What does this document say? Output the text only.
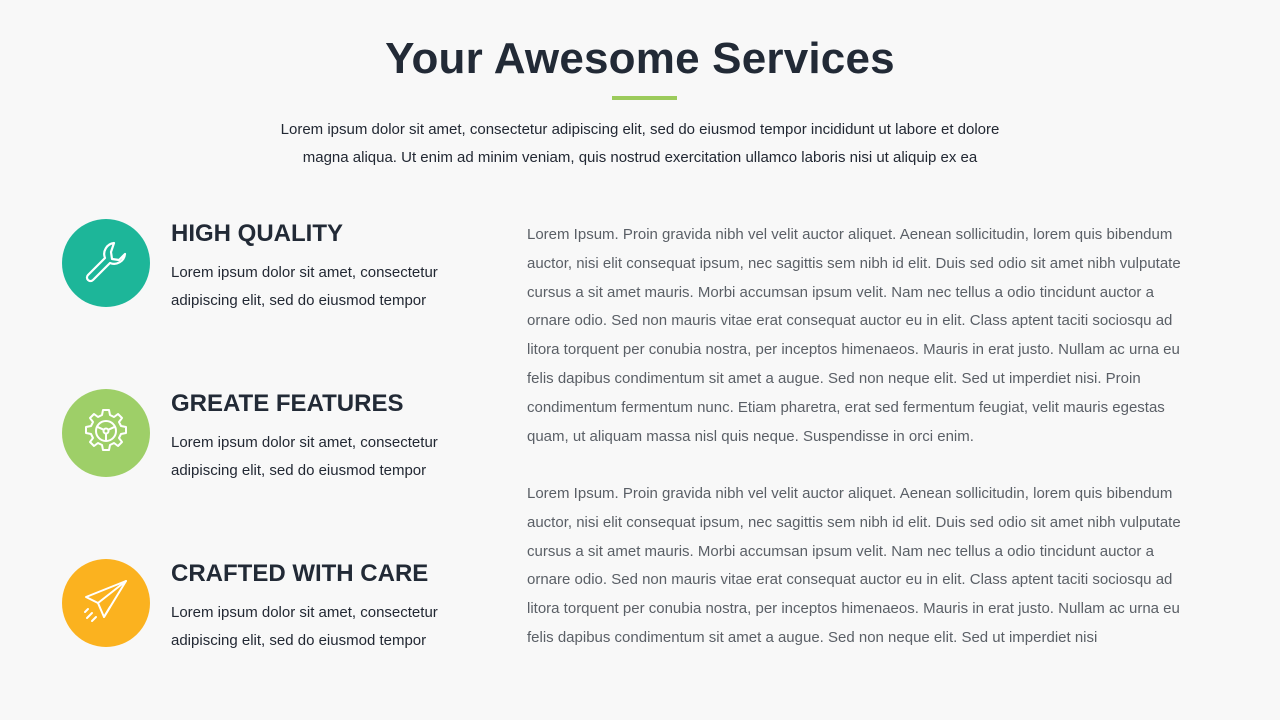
Your Awesome Services

Lorem ipsum dolor sit amet, consectetur adipiscing elit, sed do eiusmod tempor incididunt ut labore et dolore
magna aliqua. Ut enim ad minim veniam, quis nostrud exercitation ullamco laboris nisi ut aliquip ex ea

HIGH QUALITY
Lorem ipsum dolor sit amet, consectetur
adipiscing elit, sed do eiusmod tempor
GREATE FEATURES
Lorem ipsum dolor sit amet, consectetur
adipiscing elit, sed do eiusmod tempor
CRAFTED WITH CARE
Lorem ipsum dolor sit amet, consectetur
adipiscing elit, sed do eiusmod tempor

Lorem Ipsum. Proin gravida nibh vel velit auctor aliquet. Aenean sollicitudin, lorem quis bibendum
auctor, nisi elit consequat ipsum, nec sagittis sem nibh id elit. Duis sed odio sit amet nibh vulputate
cursus a sit amet mauris. Morbi accumsan ipsum velit. Nam nec tellus a odio tincidunt auctor a
ornare odio. Sed non mauris vitae erat consequat auctor eu in elit. Class aptent taciti sociosqu ad
litora torquent per conubia nostra, per inceptos himenaeos. Mauris in erat justo. Nullam ac urna eu
felis dapibus condimentum sit amet a augue. Sed non neque elit. Sed ut imperdiet nisi. Proin
condimentum fermentum nunc. Etiam pharetra, erat sed fermentum feugiat, velit mauris egestas
quam, ut aliquam massa nisl quis neque. Suspendisse in orci enim.

Lorem Ipsum. Proin gravida nibh vel velit auctor aliquet. Aenean sollicitudin, lorem quis bibendum
auctor, nisi elit consequat ipsum, nec sagittis sem nibh id elit. Duis sed odio sit amet nibh vulputate
cursus a sit amet mauris. Morbi accumsan ipsum velit. Nam nec tellus a odio tincidunt auctor a
ornare odio. Sed non mauris vitae erat consequat auctor eu in elit. Class aptent taciti sociosqu ad
litora torquent per conubia nostra, per inceptos himenaeos. Mauris in erat justo. Nullam ac urna eu
felis dapibus condimentum sit amet a augue. Sed non neque elit. Sed ut imperdiet nisi
